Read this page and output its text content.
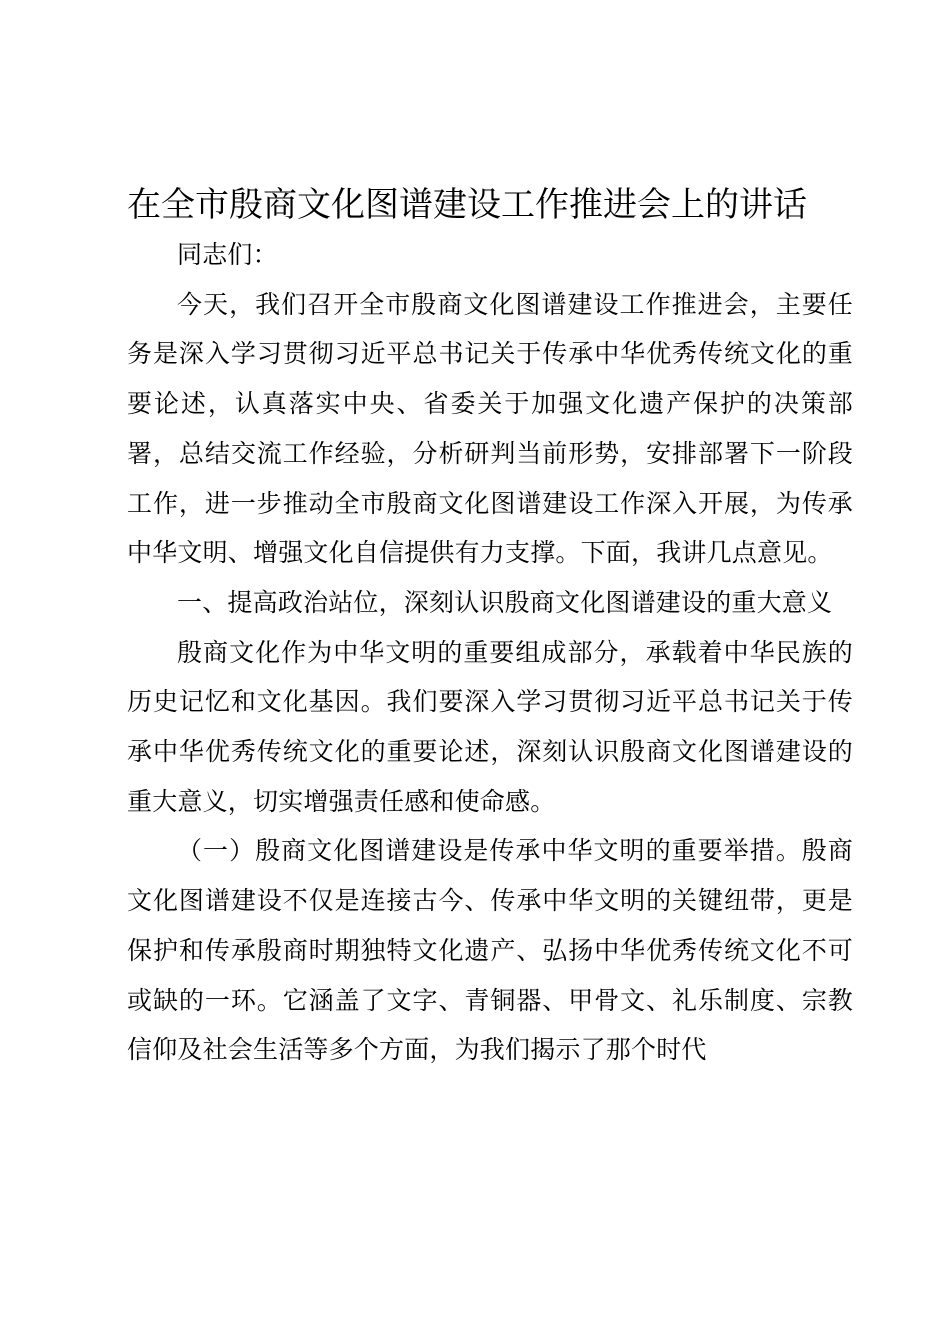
在全市殷商文化图谱建设工作推进会上的讲话

同志们：

今天，我们召开全市殷商文化图谱建设工作推进会，主要任务是深入学习贯彻习近平总书记关于传承中华优秀传统文化的重要论述，认真落实中央、省委关于加强文化遗产保护的决策部署，总结交流工作经验，分析研判当前形势，安排部署下一阶段工作，进一步推动全市殷商文化图谱建设工作深入开展，为传承中华文明、增强文化自信提供有力支撑。下面，我讲几点意见。

一、提高政治站位，深刻认识殷商文化图谱建设的重大意义

殷商文化作为中华文明的重要组成部分，承载着中华民族的历史记忆和文化基因。我们要深入学习贯彻习近平总书记关于传承中华优秀传统文化的重要论述，深刻认识殷商文化图谱建设的重大意义，切实增强责任感和使命感。

（一）殷商文化图谱建设是传承中华文明的重要举措。殷商文化图谱建设不仅是连接古今、传承中华文明的关键纽带，更是保护和传承殷商时期独特文化遗产、弘扬中华优秀传统文化不可或缺的一环。它涵盖了文字、青铜器、甲骨文、礼乐制度、宗教信仰及社会生活等多个方面，为我们揭示了那个时代
